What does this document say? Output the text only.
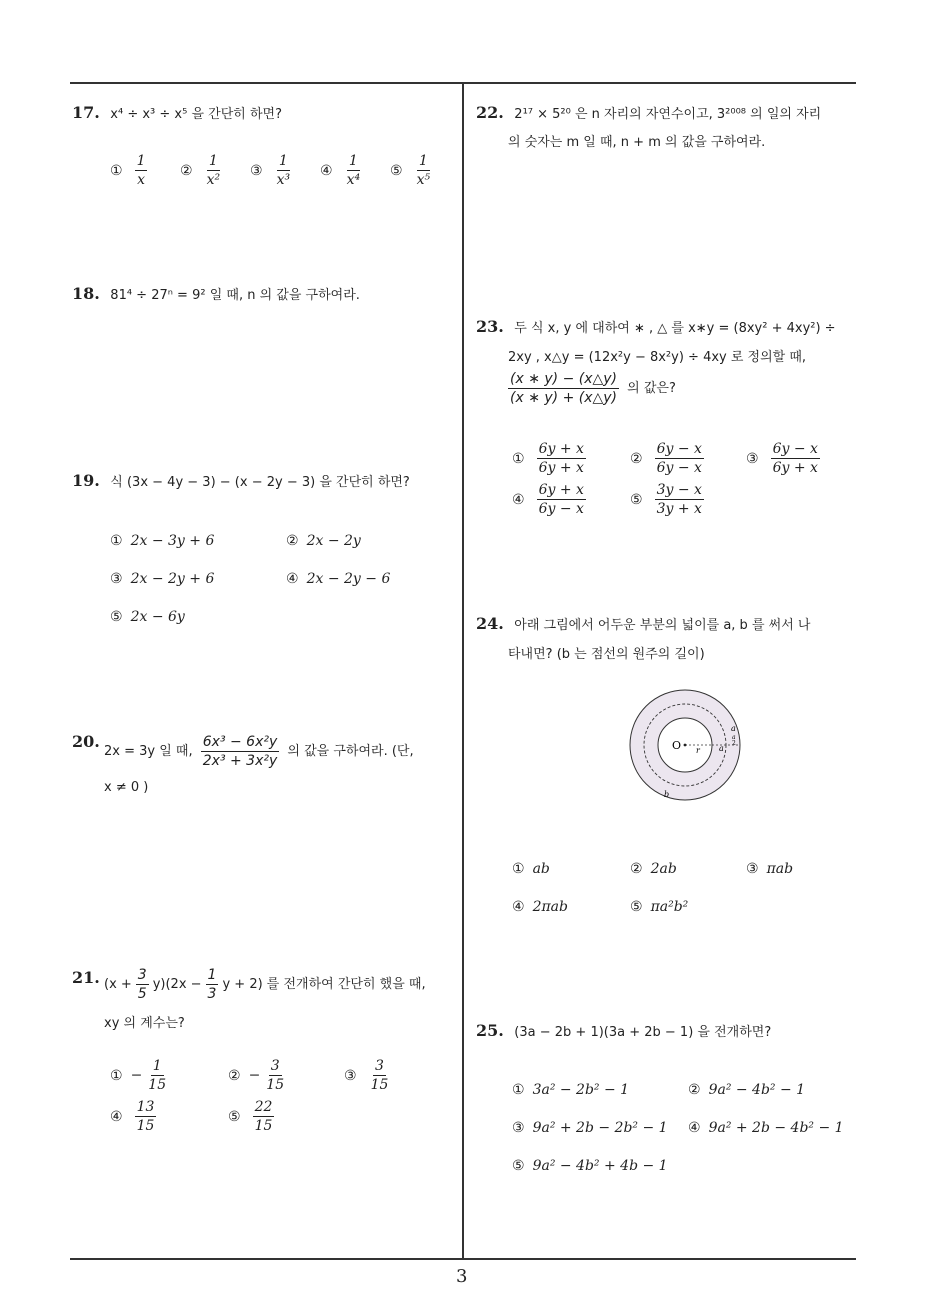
3
17. x⁴ ÷ x³ ÷ x⁵ 을 간단히 하면?
① $\frac{1}{x}$ ② $\frac{1}{\text{x²}}$ ③ $\frac{1}{\text{x³}}$ ④ $\frac{1}{\text{x⁴}}$ ⑤ $\frac{1}{\text{x⁵}}$
18. 81⁴ ÷ 27ⁿ = 9² 일 때, n 의 값을 구하여라.
19. 식 (3x − 4y − 3) − (x − 2y − 3) 을 간단히 하면?
① 2x − 3y + 6	② 2x − 2y
③ 2x − 2y + 6	④ 2x − 2y − 6
⑤ 2x − 6y
20.
2x = 3y 일 때, $\frac{\text{6x³ − 6x²y}}{\text{2x³ + 3x²y}}$ 의 값을 구하여라. (단,
x ≠ 0 )
21. $(x + \frac{3}{5} y)(2x - \frac{1}{3}$ y + 2) 를 전개하여 간단히 했을 때,
xy 의 계수는?
① − $\frac{1}{15}$	② − $\frac{3}{15}$	③ $\frac{3}{15}$
④ $\frac{13}{15}$	⑤ $\frac{22}{15}$
22. 2¹⁷ × 5²⁰ 은 n 자리의 자연수이고, 3²⁰⁰⁸ 의 일의 자리
의 숫자는 m 일 때, n + m 의 값을 구하여라.
23. 두 식 x, y 에 대하여 ∗ , △ 를 x∗y = (8xy² + 4xy²) ÷
2xy , x△y = (12x²y − 8x²y) ÷ 4xy 로 정의할 때,
$\frac{(x ∗ y) - (x\triangle y)}{(x ∗ y) + (x\triangle y)}$ 의 값은?
① $\frac{6y + x}{6y + x}$	② $\frac{6y - x}{6y - x}$	③ $\frac{6y - x}{6y + x}$
④ $\frac{6y + x}{6y - x}$	⑤ $\frac{3y - x}{3y + x}$
24. 아래 그림에서 어두운 부분의 넓이를 a, b 를 써서 나
타내면? (b 는 점선의 원주의 길이)
O r
a
a
2
a
b
① ab	② 2ab	③ πab
④ 2πab	⑤ πa²b²
25. (3a − 2b + 1)(3a + 2b − 1) 을 전개하면?
① 3a² − 2b² − 1	② 9a² − 4b² − 1
③ 9a² + 2b − 2b² − 1 ④ 9a² + 2b − 4b² − 1
⑤ 9a² − 4b² + 4b − 1
